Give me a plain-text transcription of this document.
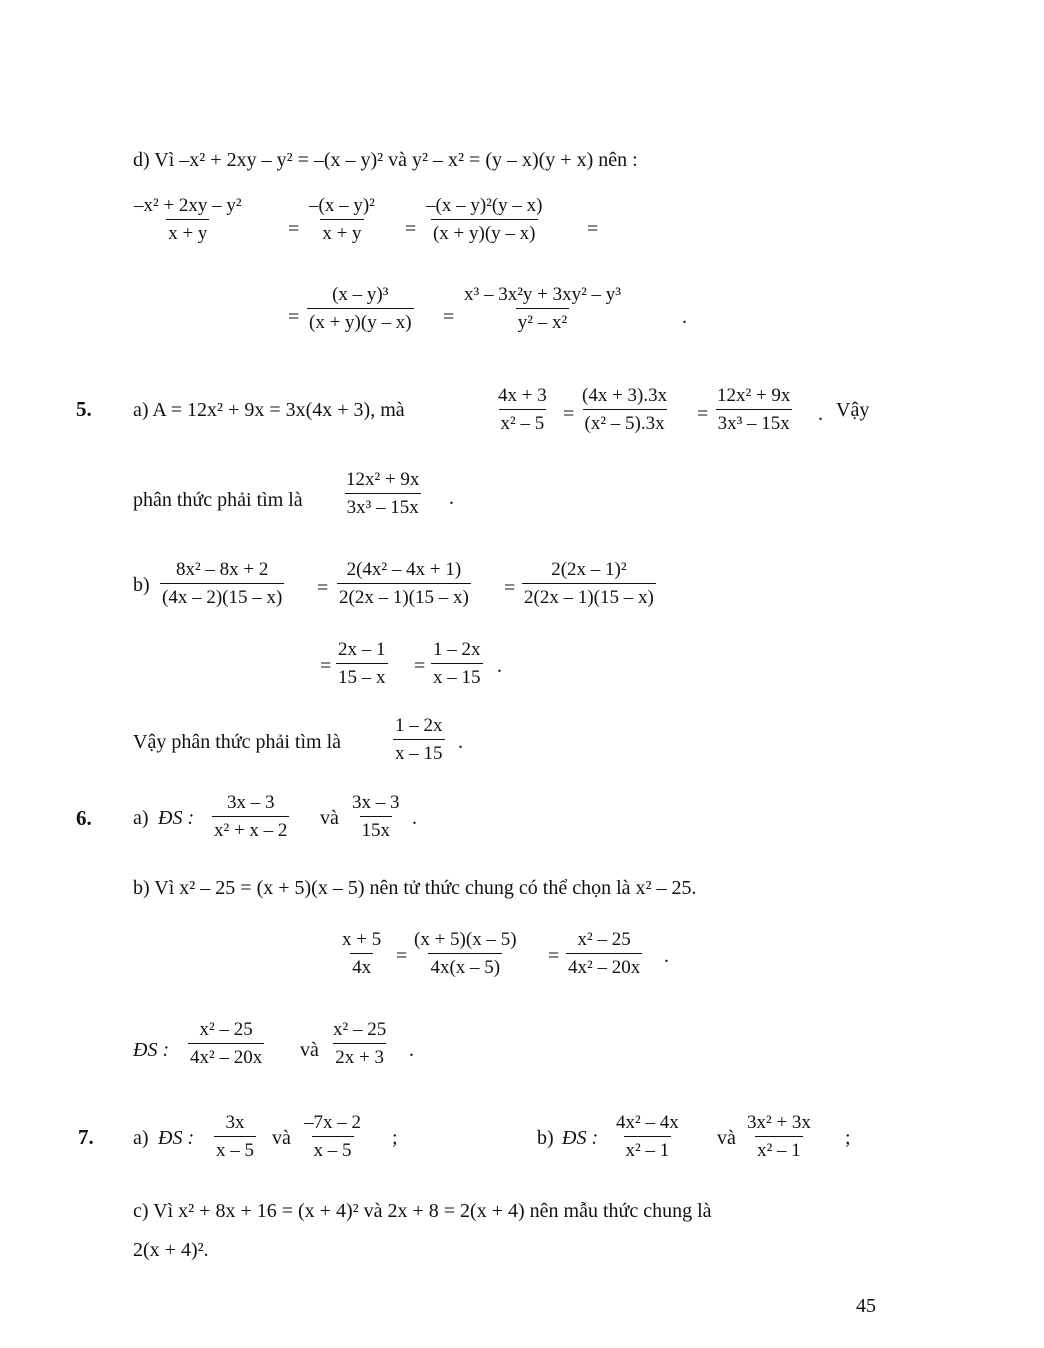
d) Vì –x² + 2xy – y² = –(x – y)² và y² – x² = (y – x)(y + x) nên :
$\frac{\text{–x² + 2xy – y²}}{x + y} = \frac{\text{–(x – y)²}}{x + y} = \frac{\text{–(x – y)²(y – x)}}{(x + y)(y - x)}$ =
= $\frac{\text{(x – y)³}}{(x + y)(y - x)} = \frac{\text{x³ – 3x²y + 3xy² – y³}}{\text{y² – x²}}$	.
5. a) A = 12x² + 9x = 3x(4x + 3), mà	$\frac{4x + 3}{\text{x² – 5}} = \frac{(4x + 3).3x}{\text{(x² – 5).3x}} = \frac{\text{12x² + 9x}}{\text{3x³ – 15x}}$ . Vậy
phân thức phải tìm là $\frac{\text{12x² + 9x}}{\text{3x³ – 15x}}$ .
$b) \frac{\text{8x² – 8x + 2}}{(4x - 2)(15 - x)} = \frac{\text{2(4x² – 4x + 1)}}{2(2x - 1)(15 - x)} = \frac{\text{2(2x – 1)²}}{2(2x - 1)(15 - x)}$
= $\frac{2x - 1}{15 - x} = \frac{1 - 2x}{x - 15}$ .
Vậy phân thức phải tìm là	$\frac{1 - 2x}{x - 15}$ .
6. a) ĐS : $\frac{3x - 3}{\text{x² + x – 2}}$ và $\frac{3x - 3}{15x}$ .
b) Vì x² – 25 = (x + 5)(x – 5) nên tử thức chung có thể chọn là x² – 25.
$\frac{x + 5}{4x} = \frac{(x + 5)(x - 5)}{4x(x - 5)} = \frac{\text{x² – 25}}{\text{4x² – 20x}}$ .
ĐS : $\frac{\text{x² – 25}}{\text{4x² – 20x}}$ và $\frac{\text{x² – 25}}{2x + 3}$ .
7. a) ĐS : $\frac{3x}{x - 5}$ và $\frac{-7x - 2}{x - 5}$ ;	b) ĐS : $\frac{\text{4x² – 4x}}{\text{x² – 1}}$ và $\frac{\text{3x² + 3x}}{\text{x² – 1}}$ ;
c) Vì x² + 8x + 16 = (x + 4)² và 2x + 8 = 2(x + 4) nên mẫu thức chung là
2(x + 4)².
45
